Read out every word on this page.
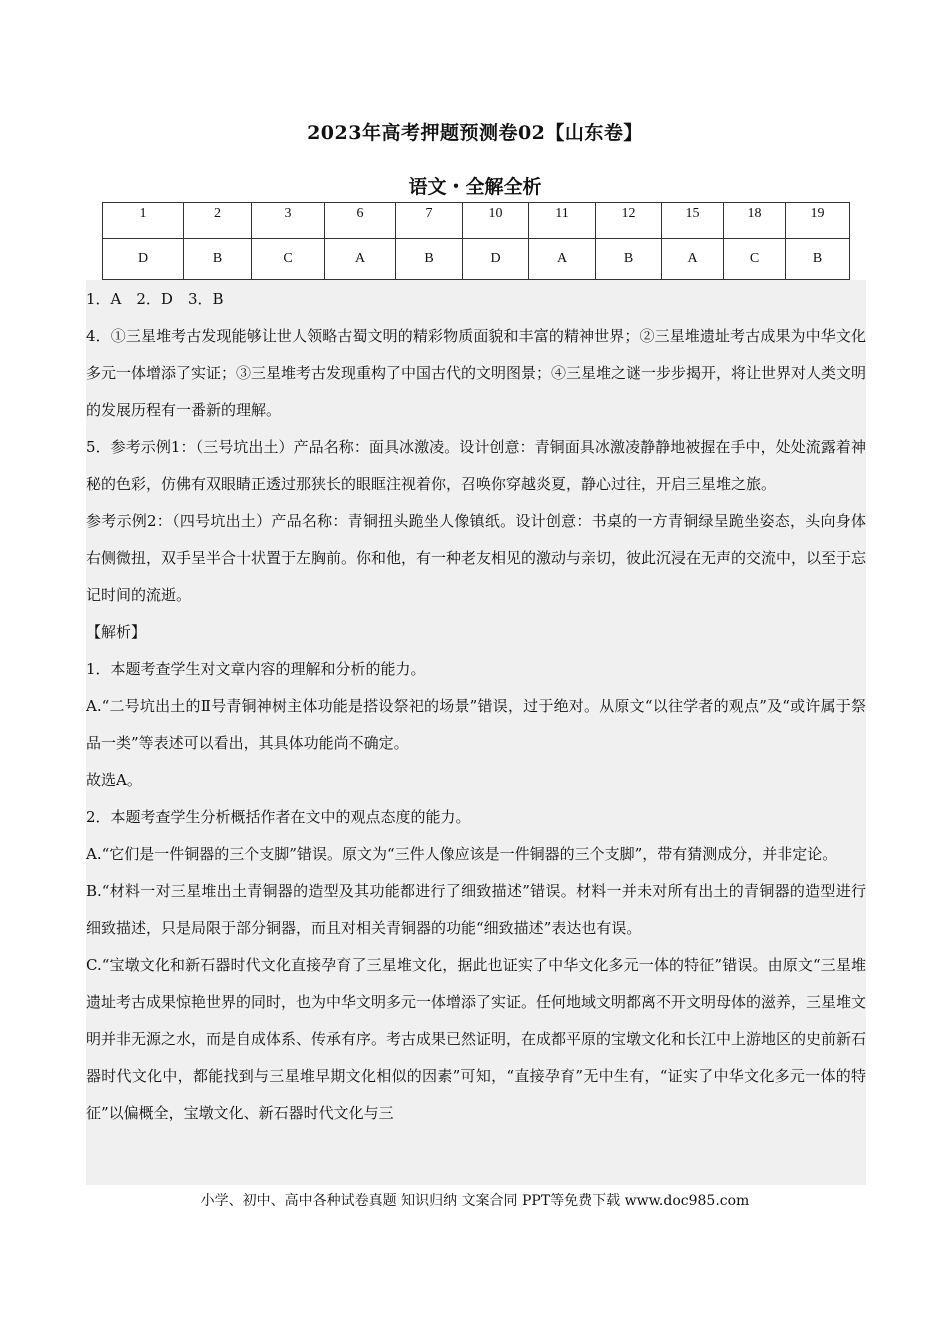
2023年高考押题预测卷02【山东卷】
语文・全解全析
1	2	3	6	7	10	11	12	15	18	19
D	B	C	A	B	D	A	B	A	C	B

1．A　2．D　3．B

4．①三星堆考古发现能够让世人领略古蜀文明的精彩物质面貌和丰富的精神世界；②三星堆遗址考古成果为中华文化多元一体增添了实证；③三星堆考古发现重构了中国古代的文明图景；④三星堆之谜一步步揭开，将让世界对人类文明的发展历程有一番新的理解。

5．参考示例1：（三号坑出土）产品名称：面具冰激凌。设计创意：青铜面具冰激凌静静地被握在手中，处处流露着神秘的色彩，仿佛有双眼睛正透过那狭长的眼眶注视着你，召唤你穿越炎夏，静心过往，开启三星堆之旅。

参考示例2：（四号坑出土）产品名称：青铜扭头跪坐人像镇纸。设计创意：书桌的一方青铜绿呈跪坐姿态，头向身体右侧微扭，双手呈半合十状置于左胸前。你和他，有一种老友相见的激动与亲切，彼此沉浸在无声的交流中，以至于忘记时间的流逝。

【解析】

1．本题考查学生对文章内容的理解和分析的能力。

A.“二号坑出土的Ⅱ号青铜神树主体功能是搭设祭祀的场景”错误，过于绝对。从原文“以往学者的观点”及“或许属于祭品一类”等表述可以看出，其具体功能尚不确定。

故选A。

2．本题考查学生分析概括作者在文中的观点态度的能力。

A.“它们是一件铜器的三个支脚”错误。原文为“三件人像应该是一件铜器的三个支脚”，带有猜测成分，并非定论。

B.“材料一对三星堆出土青铜器的造型及其功能都进行了细致描述”错误。材料一并未对所有出土的青铜器的造型进行细致描述，只是局限于部分铜器，而且对相关青铜器的功能“细致描述”表达也有误。

C.“宝墩文化和新石器时代文化直接孕育了三星堆文化，据此也证实了中华文化多元一体的特征”错误。由原文“三星堆遗址考古成果惊艳世界的同时，也为中华文明多元一体增添了实证。任何地域文明都离不开文明母体的滋养，三星堆文明并非无源之水，而是自成体系、传承有序。考古成果已然证明，在成都平原的宝墩文化和长江中上游地区的史前新石器时代文化中，都能找到与三星堆早期文化相似的因素”可知，“直接孕育”无中生有，“证实了中华文化多元一体的特征”以偏概全，宝墩文化、新石器时代文化与三

小学、初中、高中各种试卷真题 知识归纳 文案合同 PPT等免费下载 www.doc985.com
